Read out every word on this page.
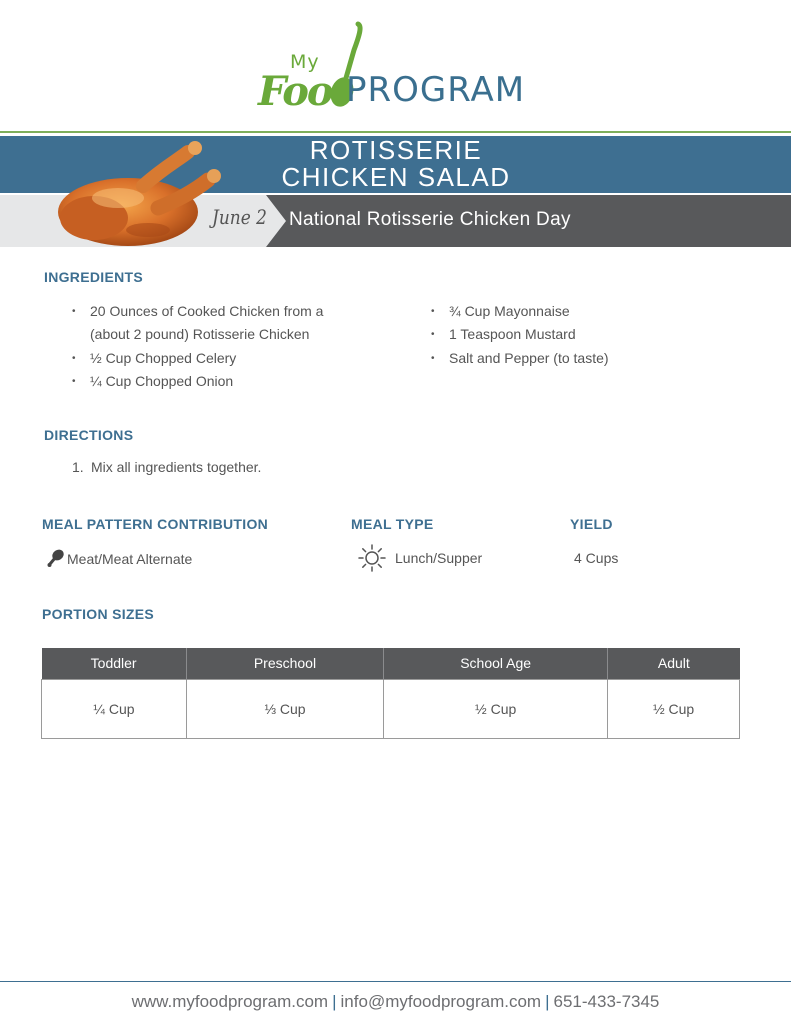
My
Foo PROGRAM
ROTISSERIE
CHICKEN SALAD
June 2 National Rotisserie Chicken Day
INGREDIENTS
• 20 Ounces of Cooked Chicken from a
(about 2 pound) Rotisserie Chicken
• ½ Cup Chopped Celery
• ¼ Cup Chopped Onion
• ¾ Cup Mayonnaise
• 1 Teaspoon Mustard
• Salt and Pepper (to taste)
DIRECTIONS
1. Mix all ingredients together.
MEAL PATTERN CONTRIBUTION
Meat/Meat Alternate
MEAL TYPE
Lunch/Supper
YIELD
4 Cups
PORTION SIZES
Toddler	Preschool	School Age	Adult
¼ Cup	⅓ Cup	½ Cup	½ Cup
www.myfoodprogram.com | info@myfoodprogram.com | 651-433-7345
